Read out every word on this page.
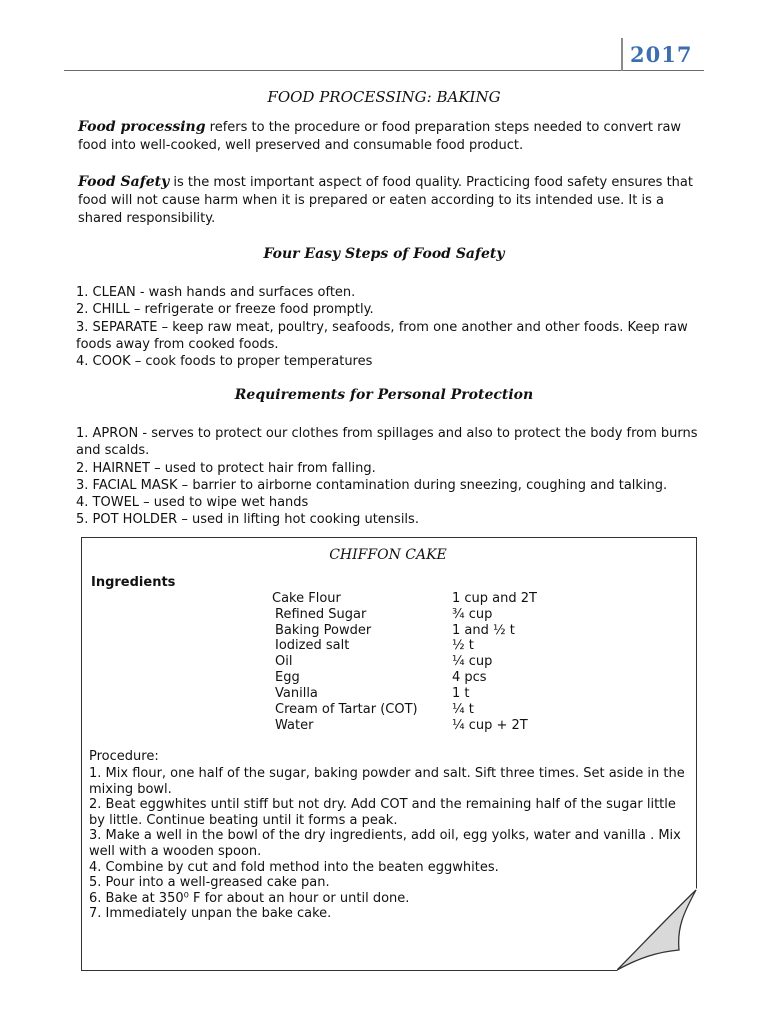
2017
FOOD PROCESSING: BAKING
Food processing refers to the procedure or food preparation steps needed to convert raw food into well-cooked, well preserved and consumable food product.
Food Safety is the most important aspect of food quality. Practicing food safety ensures that food will not cause harm when it is prepared or eaten according to its intended use. It is a shared responsibility.
Four Easy Steps of Food Safety
1. CLEAN - wash hands and surfaces often.
2. CHILL – refrigerate or freeze food promptly.
3. SEPARATE – keep raw meat, poultry, seafoods, from one another and other foods. Keep raw foods away from cooked foods.
4. COOK – cook foods to proper temperatures
Requirements for Personal Protection
1. APRON - serves to protect our clothes from spillages and also to protect the body from burns and scalds.
2. HAIRNET – used to protect hair from falling.
3. FACIAL MASK – barrier to airborne contamination during sneezing, coughing and talking.
4. TOWEL – used to wipe wet hands
5. POT HOLDER – used in lifting hot cooking utensils.
CHIFFON CAKE
Ingredients
Cake Flour	1 cup and 2T
Refined Sugar	¾ cup
Baking Powder	1 and ½ t
Iodized salt	½ t
Oil	¼ cup
Egg	4 pcs
Vanilla	1 t
Cream of Tartar (COT)	¼ t
Water	¼ cup + 2T
Procedure:
1. Mix flour, one half of the sugar, baking powder and salt. Sift three times. Set aside in the mixing bowl.
2. Beat eggwhites until stiff but not dry. Add COT and the remaining half of the sugar little by little. Continue beating until it forms a peak.
3. Make a well in the bowl of the dry ingredients, add oil, egg yolks, water and vanilla . Mix well with a wooden spoon.
4. Combine by cut and fold method into the beaten eggwhites.
5. Pour into a well-greased cake pan.
6. Bake at 350⁰ F for about an hour or until done.
7. Immediately unpan the bake cake.
